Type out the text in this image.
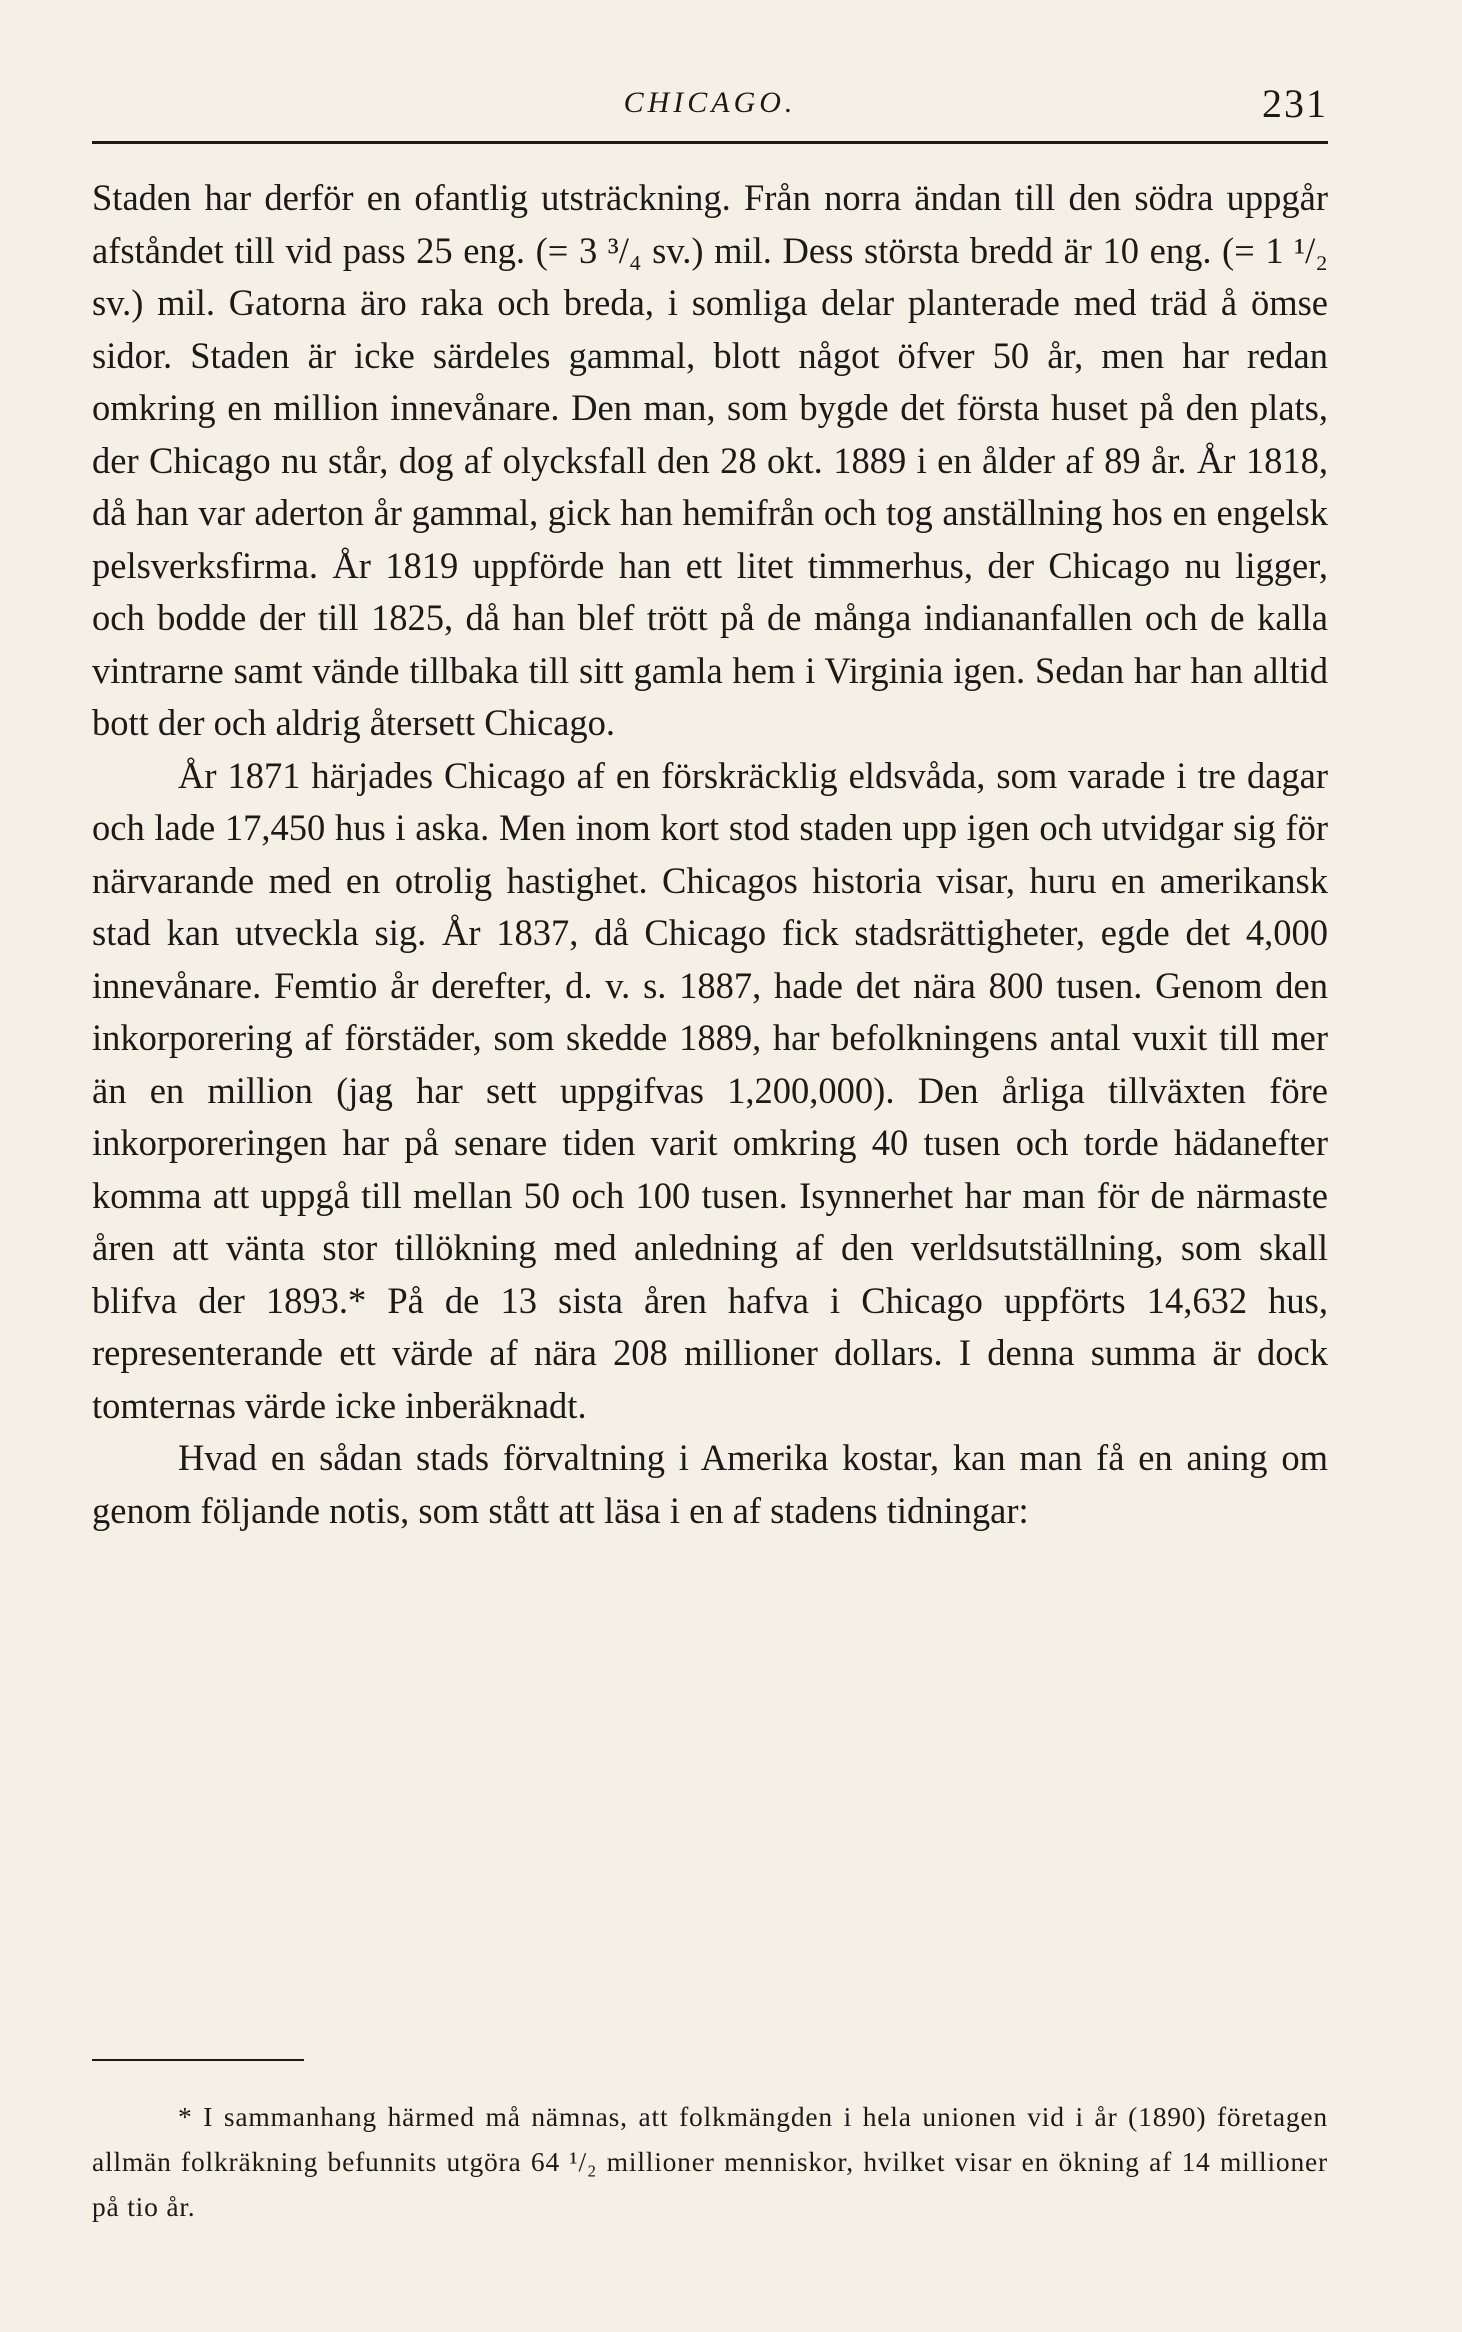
CHICAGO.	231

Staden har derför en ofantlig utsträckning. Från norra ändan till den södra uppgår afståndet till vid pass 25 eng. (= 3 ³/₄ sv.) mil. Dess största bredd är 10 eng. (= 1 ¹/₂ sv.) mil. Gatorna äro raka och breda, i somliga delar planterade med träd å ömse sidor. Staden är icke särdeles gammal, blott något öfver 50 år, men har redan omkring en million innevånare. Den man, som bygde det första huset på den plats, der Chicago nu står, dog af olycksfall den 28 okt. 1889 i en ålder af 89 år. År 1818, då han var aderton år gammal, gick han hemifrån och tog anställning hos en engelsk pelsverksfirma. År 1819 uppförde han ett litet timmerhus, der Chicago nu ligger, och bodde der till 1825, då han blef trött på de många indiananfallen och de kalla vintrarne samt vände tillbaka till sitt gamla hem i Virginia igen. Sedan har han alltid bott der och aldrig återsett Chicago.

År 1871 härjades Chicago af en förskräcklig eldsvåda, som varade i tre dagar och lade 17,450 hus i aska. Men inom kort stod staden upp igen och utvidgar sig för närvarande med en otrolig hastighet. Chicagos historia visar, huru en amerikansk stad kan utveckla sig. År 1837, då Chicago fick stadsrättigheter, egde det 4,000 innevånare. Femtio år derefter, d. v. s. 1887, hade det nära 800 tusen. Genom den inkorporering af förstäder, som skedde 1889, har befolkningens antal vuxit till mer än en million (jag har sett uppgifvas 1,200,000). Den årliga tillväxten före inkorporeringen har på senare tiden varit omkring 40 tusen och torde hädanefter komma att uppgå till mellan 50 och 100 tusen. Isynnerhet har man för de närmaste åren att vänta stor tillökning med anledning af den verldsutställning, som skall blifva der 1893.* På de 13 sista åren hafva i Chicago uppförts 14,632 hus, representerande ett värde af nära 208 millioner dollars. I denna summa är dock tomternas värde icke inberäknadt.

Hvad en sådan stads förvaltning i Amerika kostar, kan man få en aning om genom följande notis, som stått att läsa i en af stadens tidningar:

* I sammanhang härmed må nämnas, att folkmängden i hela unionen vid i år (1890) företagen allmän folkräkning befunnits utgöra 64 ¹/₂ millioner menniskor, hvilket visar en ökning af 14 millioner på tio år.
